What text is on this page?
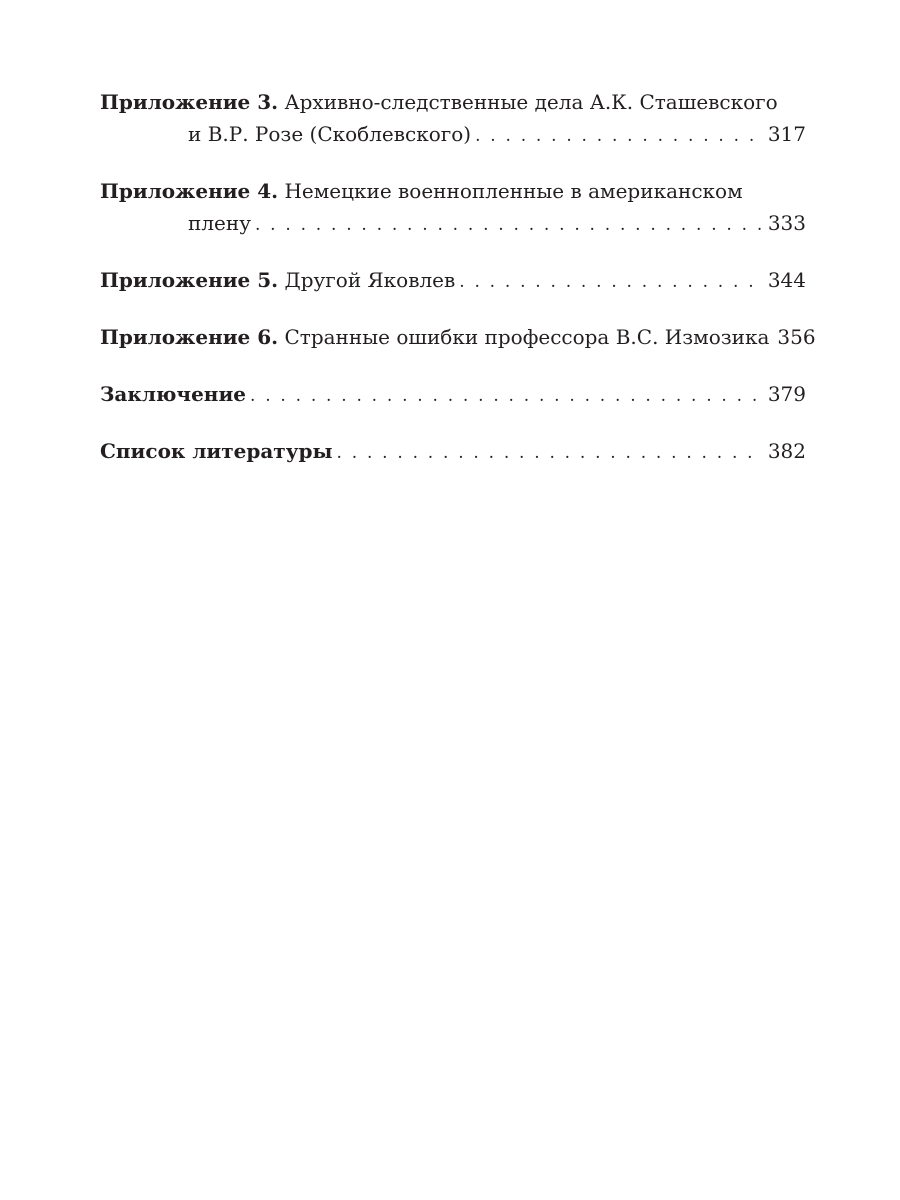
Приложение 3. Архивно-следственные дела А.К. Сташевского
и В.Р. Розе (Скоблевского) . . .	317
Приложение 4. Немецкие военнопленные в американском
плену . . .	333
Приложение 5. Другой Яковлев . . .	344
Приложение 6. Странные ошибки профессора В.С. Измозика 356
Заключение . . .	379
Список литературы . . .	382
